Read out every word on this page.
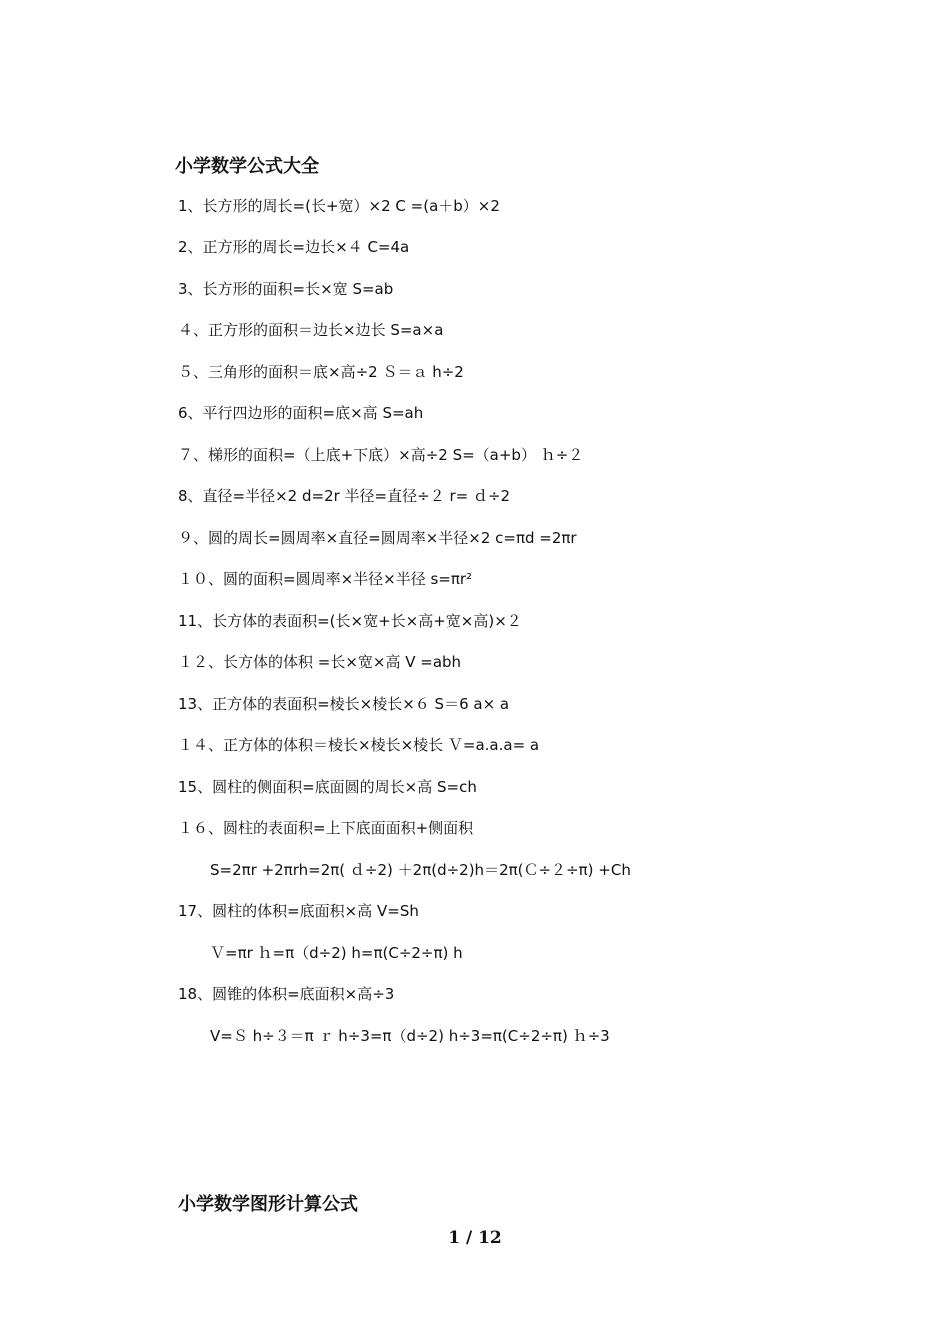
小学数学公式大全
1、长方形的周长=(长+宽）×2 C =(a＋b）×2
2、正方形的周长=边长×４ C=4a
3、长方形的面积=长×宽 S=ab
４、正方形的面积＝边长×边长 S=a×a
５、三角形的面积＝底×高÷2 Ｓ＝ａ h÷2
6、平行四边形的面积=底×高 S=ah
７、梯形的面积=（上底+下底）×高÷2 S=（a+b） ｈ÷２
8、直径=半径×2 d=2r 半径=直径÷２ r= ｄ÷2
９、圆的周长=圆周率×直径=圆周率×半径×2 c=πd =2πr
１０、圆的面积=圆周率×半径×半径 s=πr²
11、长方体的表面积=(长×宽+长×高+宽×高)×２
１２、长方体的体积 =长×宽×高 V =abh
13、正方体的表面积=棱长×棱长×６ S＝6 a× a
１４、正方体的体积＝棱长×棱长×棱长 Ｖ=a.a.a= a
15、圆柱的侧面积=底面圆的周长×高 S=ch
１６、圆柱的表面积=上下底面面积+侧面积
S=2πr +2πrh=2π( ｄ÷2) ＋2π(d÷2)h＝2π(Ｃ÷２÷π) +Ch
17、圆柱的体积=底面积×高 V=Sh
Ｖ=πr ｈ=π（d÷2) h=π(C÷2÷π) h
18、圆锥的体积=底面积×高÷3
V=Ｓ h÷３＝π ｒ h÷3=π（d÷2) h÷3=π(C÷2÷π) ｈ÷3
小学数学图形计算公式
1 / 12
